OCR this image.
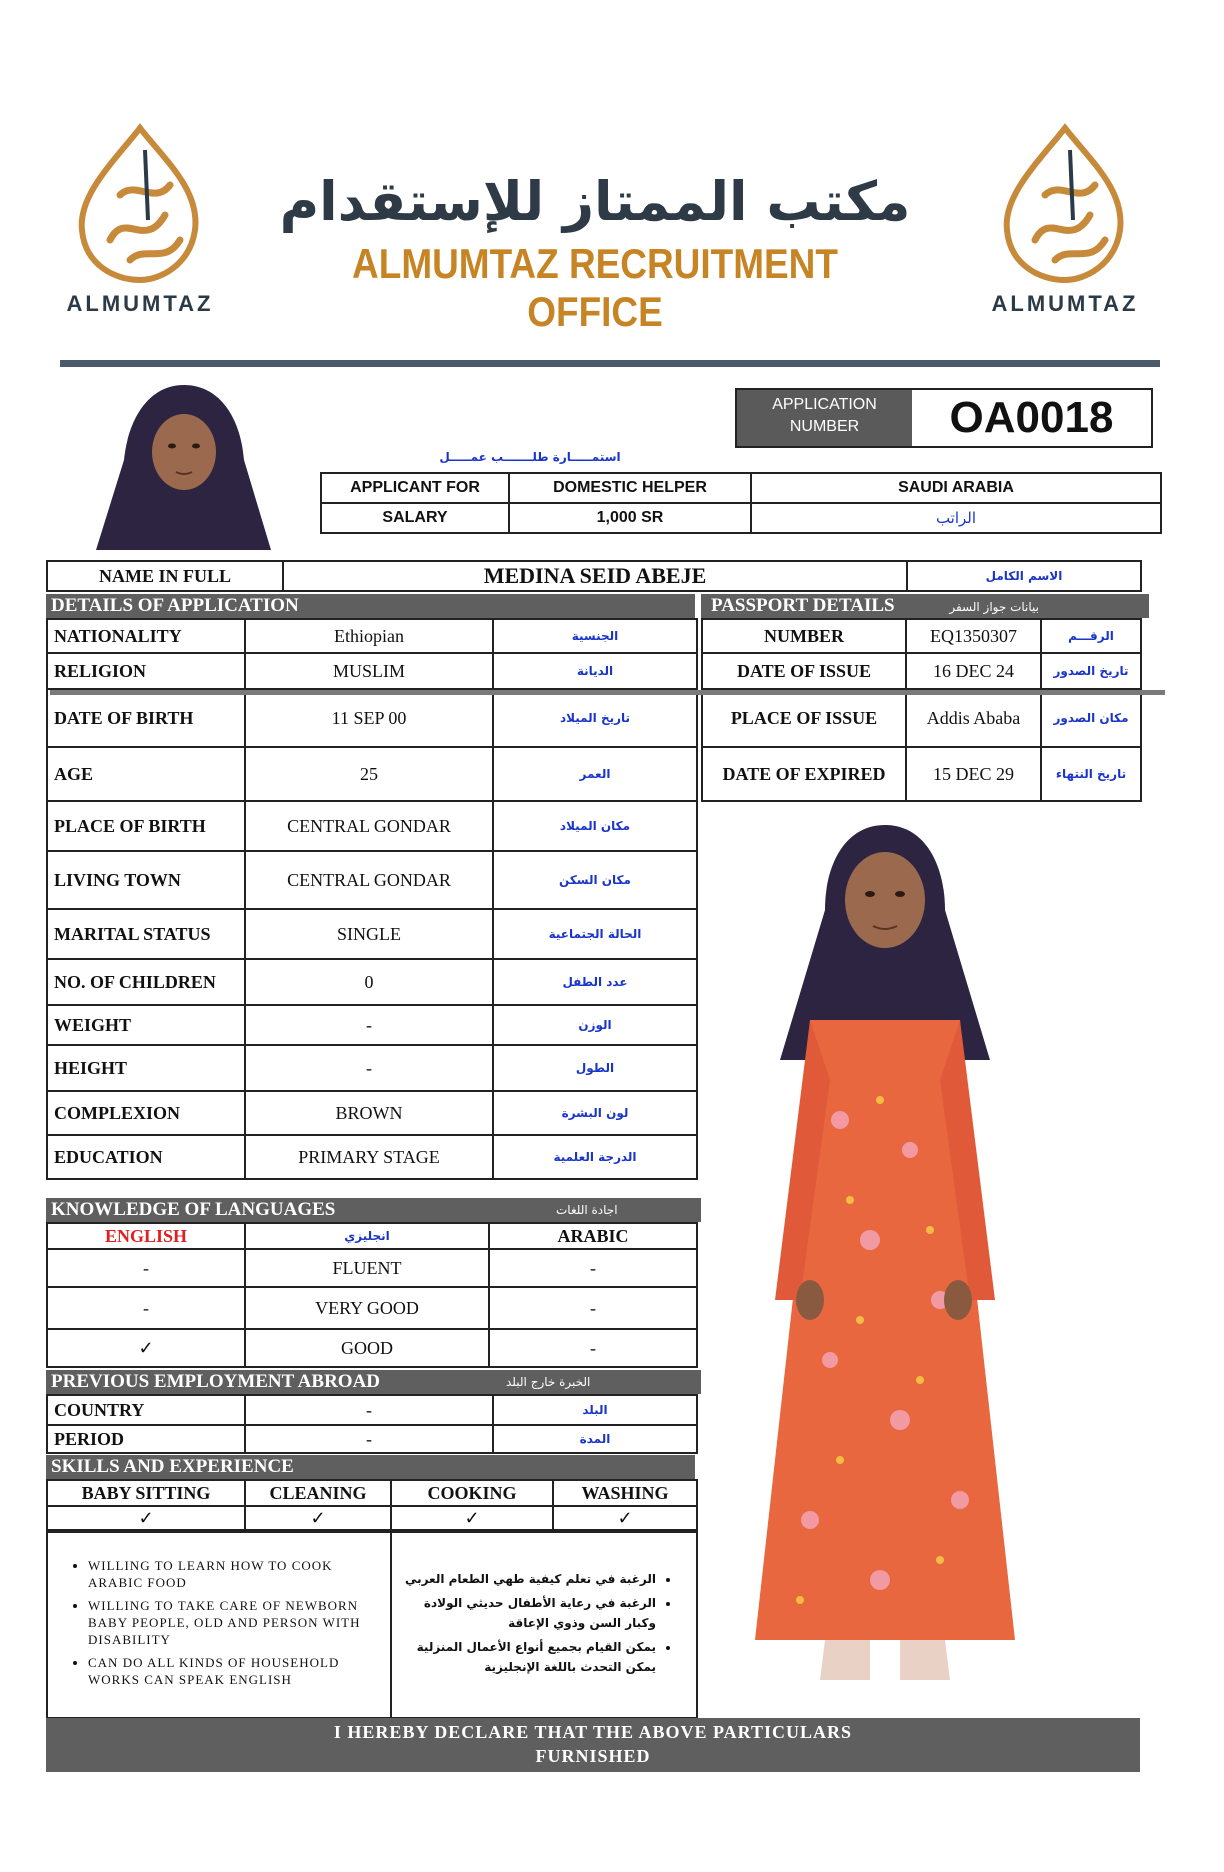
ALMUMTAZ	ALMUMTAZ
مكتب الممتاز للإستقدام
ALMUMTAZ RECRUITMENT OFFICE
APPLICATION
NUMBER	OA0018
استمـــــارة طلـــــــب عمـــــل
APPLICANT FOR	DOMESTIC HELPER	SAUDI ARABIA
SALARY	1,000 SR	الراتب
NAME IN FULL	MEDINA SEID ABEJE	الاسم الكامل
DETAILS OF APPLICATION
NATIONALITY	Ethiopian	الجنسية
RELIGION	MUSLIM	الديانة
DATE OF BIRTH	11 SEP 00	تاريخ الميلاد
AGE	25	العمر
PLACE OF BIRTH	CENTRAL GONDAR	مكان الميلاد
LIVING TOWN	CENTRAL GONDAR	مكان السكن
MARITAL STATUS	SINGLE	الحالة الجتماعية
NO. OF CHILDREN	0	عدد الطفل
WEIGHT	-	الوزن
HEIGHT	-	الطول
COMPLEXION	BROWN	لون البشرة
EDUCATION	PRIMARY STAGE	الدرجة العلمية
PASSPORT DETAILS	بيانات جواز السفر
NUMBER	EQ1350307	الرقـــم
DATE OF ISSUE	16 DEC 24	تاريخ الصدور
PLACE OF ISSUE	Addis Ababa	مكان الصدور
DATE OF EXPIRED	15 DEC 29	تاريخ النتهاء
KNOWLEDGE OF LANGUAGES	اجادة اللغات
ENGLISH	انجليزي	ARABIC
-	FLUENT	-
-	VERY GOOD	-
✓	GOOD	-
PREVIOUS EMPLOYMENT ABROAD	الخبرة خارج البلد
COUNTRY	-	البلد
PERIOD	-	المدة
SKILLS AND EXPERIENCE
BABY SITTING	CLEANING	COOKING	WASHING
✓	✓	✓	✓
• WILLING TO LEARN HOW TO COOK ARABIC FOOD
• WILLING TO TAKE CARE OF NEWBORN BABY PEOPLE, OLD AND PERSON WITH DISABILITY
• CAN DO ALL KINDS OF HOUSEHOLD WORKS CAN SPEAK ENGLISH

• الرغبة في تعلم كيفية طهي الطعام العربي
• الرغبة في رعاية الأطفال حديثي الولادة وكبار السن وذوي الإعاقة
• يمكن القيام بجميع أنواع الأعمال المنزلية يمكن التحدث باللغة الإنجليزية
I HEREBY DECLARE THAT THE ABOVE PARTICULARS
FURNISHED
